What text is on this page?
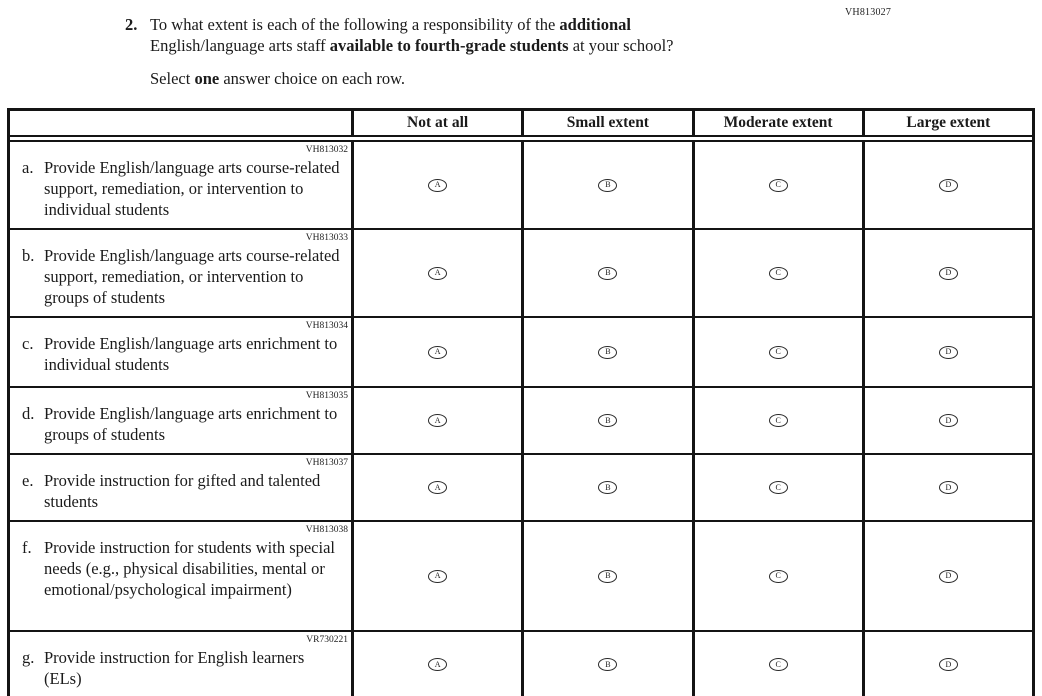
VH813027
2. To what extent is each of the following a responsibility of the additional English/language arts staff available to fourth-grade students at your school?
Select one answer choice on each row.
Not at all	Small extent	Moderate extent	Large extent
VH813032
a. Provide English/language arts course-related support, remediation, or intervention to individual students
A	B	C	D
VH813033
b. Provide English/language arts course-related support, remediation, or intervention to groups of students
A	B	C	D
VH813034
c. Provide English/language arts enrichment to individual students
A	B	C	D
VH813035
d. Provide English/language arts enrichment to groups of students
A	B	C	D
VH813037
e. Provide instruction for gifted and talented students
A	B	C	D
VH813038
f. Provide instruction for students with special needs (e.g., physical disabilities, mental or emotional/​psychological impairment)
A	B	C	D
VR730221
g. Provide instruction for English learners (ELs)
A	B	C	D
